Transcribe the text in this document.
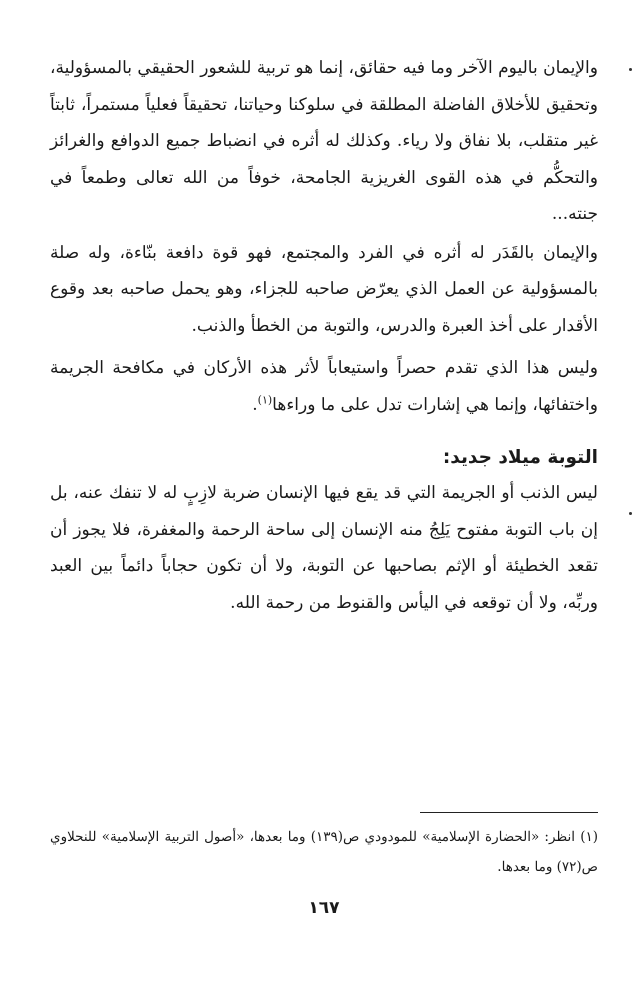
والإيمان باليوم الآخر وما فيه حقائق، إنما هو تربية للشعور الحقيقي بالمسؤولية، وتحقيق للأخلاق الفاضلة المطلقة في سلوكنا وحياتنا، تحقيقاً فعلياً مستمراً، ثابتاً غير متقلب، بلا نفاق ولا رياء. وكذلك له أثره في انضباط جميع الدوافع والغرائز والتحكُّم في هذه القوى الغريزية الجامحة، خوفاً من الله تعالى وطمعاً في جنته...

والإيمان بالقَدَر له أثره في الفرد والمجتمع، فهو قوة دافعة بنّاءة، وله صلة بالمسؤولية عن العمل الذي يعرّض صاحبه للجزاء، وهو يحمل صاحبه بعد وقوع الأقدار على أخذ العبرة والدرس، والتوبة من الخطأ والذنب.

وليس هذا الذي تقدم حصراً واستيعاباً لأثر هذه الأركان في مكافحة الجريمة واختفائها، وإنما هي إشارات تدل على ما وراءها$^{(١)}$.

التوبة ميلاد جديد:

ليس الذنب أو الجريمة التي قد يقع فيها الإنسان ضربة لازِبٍ له لا تنفك عنه، بل إن باب التوبة مفتوح يَلِجُ منه الإنسان إلى ساحة الرحمة والمغفرة، فلا يجوز أن تقعد الخطيئة أو الإثم بصاحبها عن التوبة، ولا أن تكون حجاباً دائماً بين العبد وربِّه، ولا أن توقعه في اليأس والقنوط من رحمة الله.

(١) انظر: «الحضارة الإسلامية» للمودودي ص(١٣٩) وما بعدها، «أصول التربية الإسلامية» للنحلاوي ص(٧٢) وما بعدها.

١٦٧
